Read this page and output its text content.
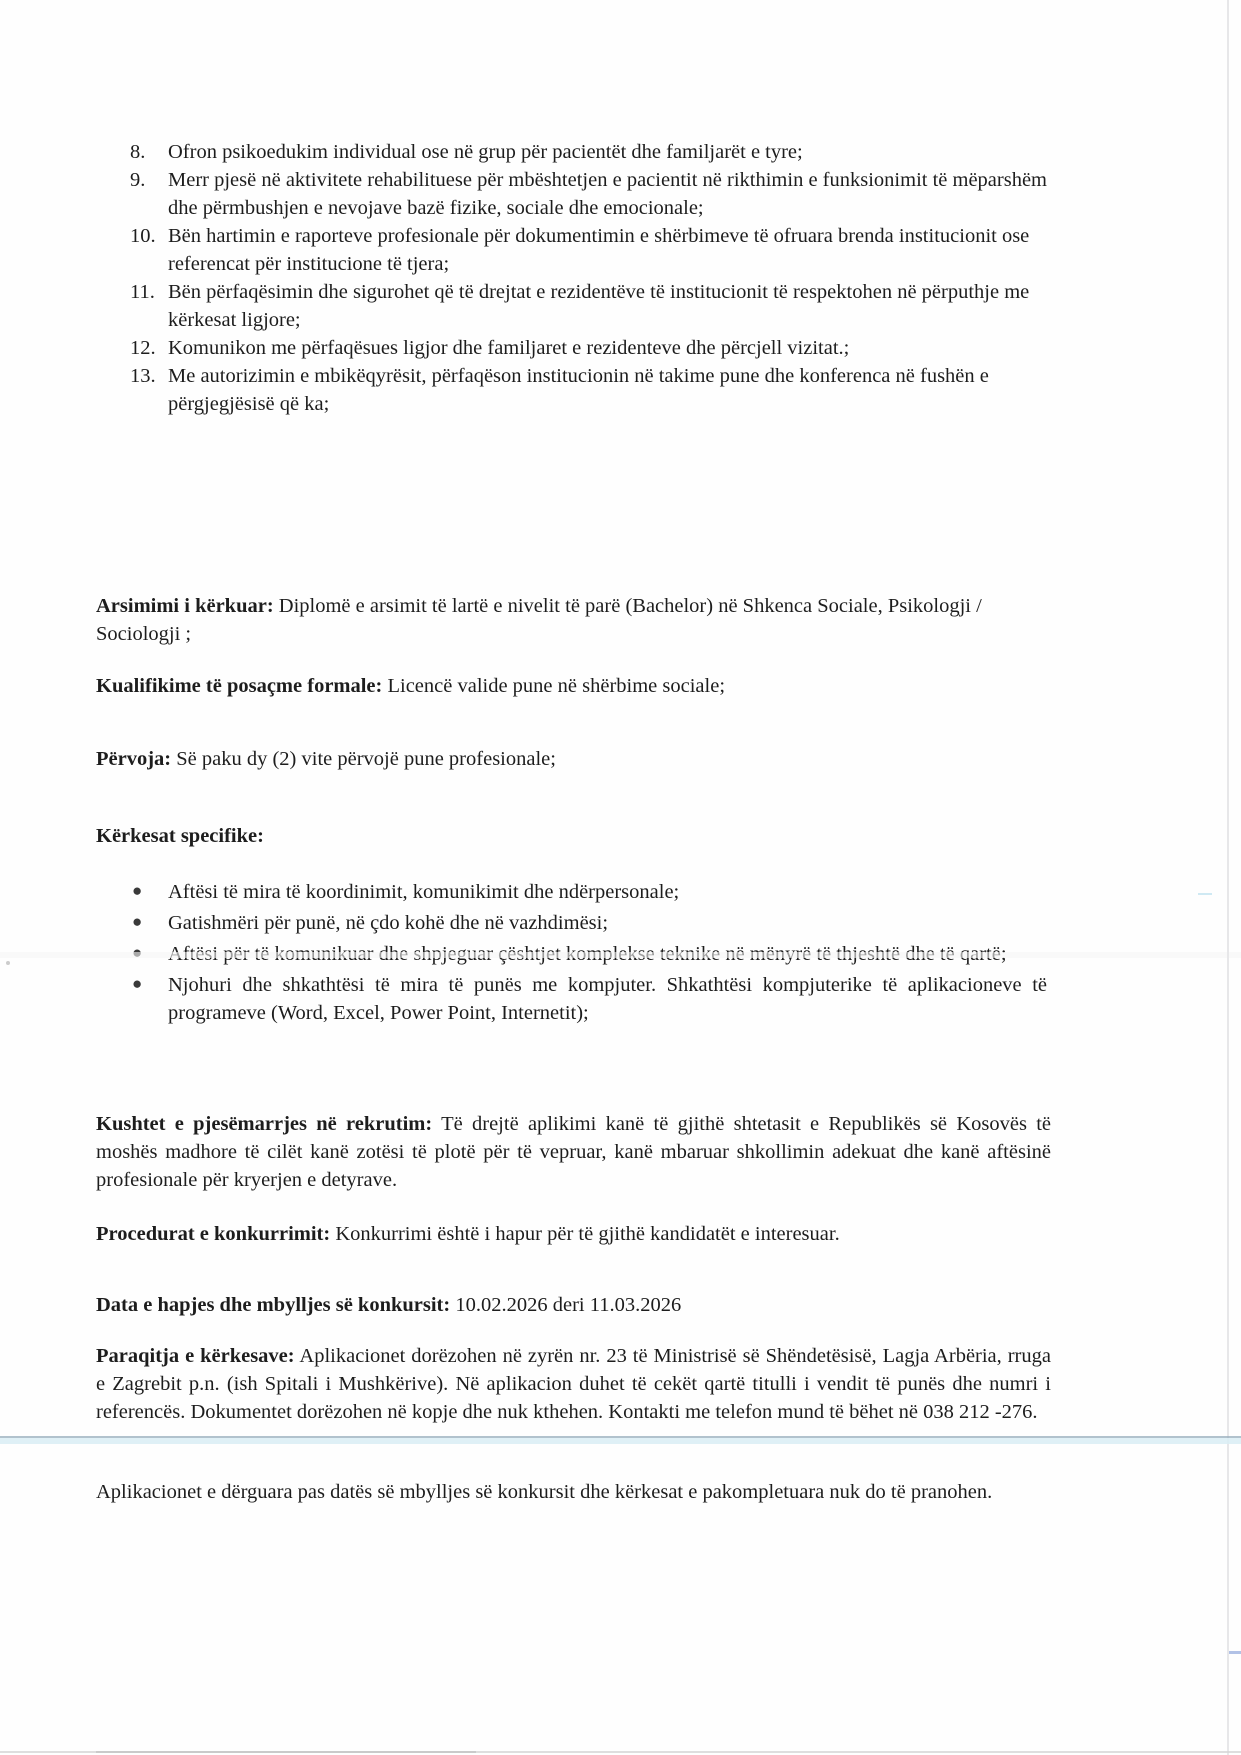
8.	Ofron psikoedukim individual ose në grup për pacientët dhe familjarët e tyre;
9.	Merr pjesë në aktivitete rehabilituese për mbështetjen e pacientit në rikthimin e funksionimit të mëparshëm dhe përmbushjen e nevojave bazë fizike, sociale dhe emocionale;
10. Bën hartimin e raporteve profesionale për dokumentimin e shërbimeve të ofruara brenda institucionit ose referencat për institucione të tjera;
11. Bën përfaqësimin dhe sigurohet që të drejtat e rezidentëve të institucionit të respektohen në përputhje me kërkesat ligjore;
12. Komunikon me përfaqësues ligjor dhe familjaret e rezidenteve dhe përcjell vizitat.;
13. Me autorizimin e mbikëqyrësit, përfaqëson institucionin në takime pune dhe konferenca në fushën e përgjegjësisë që ka;
Arsimimi i kërkuar: Diplomë e arsimit të lartë e nivelit të parë (Bachelor) në Shkenca Sociale, Psikologji / Sociologji ;
Kualifikime të posaçme formale: Licencë valide pune në shërbime sociale;
Përvoja: Së paku dy (2) vite përvojë pune profesionale;
Kërkesat specifike:
● Aftësi të mira të koordinimit, komunikimit dhe ndërpersonale;
● Gatishmëri për punë, në çdo kohë dhe në vazhdimësi;
● Njohuri dhe shkathtësi të mira të punës me kompjuter. Shkathtësi kompjuterike të aplikacioneve të programeve (Word, Excel, Power Point, Internetit);
Kushtet e pjesëmarrjes në rekrutim: Të drejtë aplikimi kanë të gjithë shtetasit e Republikës së Kosovës të moshës madhore të cilët kanë zotësi të plotë për të vepruar, kanë mbaruar shkollimin adekuat dhe kanë aftësinë profesionale për kryerjen e detyrave.
Procedurat e konkurrimit: Konkurrimi është i hapur për të gjithë kandidatët e interesuar.
Data e hapjes dhe mbylljes së konkursit: 10.02.2026 deri 11.03.2026
Paraqitja e kërkesave: Aplikacionet dorëzohen në zyrën nr. 23 të Ministrisë së Shëndetësisë, Lagja Arbëria, rruga e Zagrebit p.n. (ish Spitali i Mushkërive). Në aplikacion duhet të cekët qartë titulli i vendit të punës dhe numri i referencës. Dokumentet dorëzohen në kopje dhe nuk kthehen. Kontakti me telefon mund të bëhet në 038 212 -276.
Aplikacionet e dërguara pas datës së mbylljes së konkursit dhe kërkesat e pakompletuara nuk do të pranohen.
